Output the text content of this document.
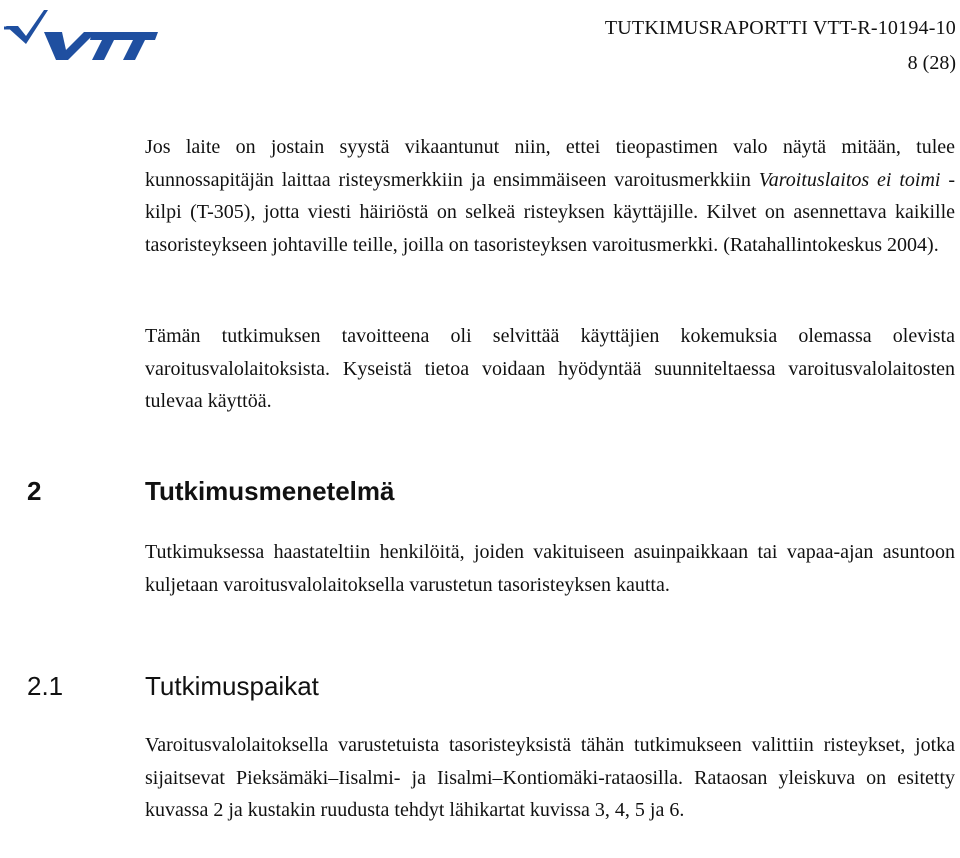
TUTKIMUSRAPORTTI VTT-R-10194-10
8 (28)

Jos laite on jostain syystä vikaantunut niin, ettei tieopastimen valo näytä mitään, tulee kunnossapitäjän laittaa risteysmerkkiin ja ensimmäiseen varoitusmerkkiin Varoituslaitos ei toimi -kilpi (T-305), jotta viesti häiriöstä on selkeä risteyksen käyttäjille. Kilvet on asennettava kaikille tasoristeykseen johtaville teille, joilla on tasoristeyksen varoitusmerkki. (Ratahallintokeskus 2004).

Tämän tutkimuksen tavoitteena oli selvittää käyttäjien kokemuksia olemassa olevista varoitusvalolaitoksista. Kyseistä tietoa voidaan hyödyntää suunniteltaessa varoitusvalolaitosten tulevaa käyttöä.

2	Tutkimusmenetelmä

Tutkimuksessa haastateltiin henkilöitä, joiden vakituiseen asuinpaikkaan tai vapaa-ajan asuntoon kuljetaan varoitusvalolaitoksella varustetun tasoristeyksen kautta.

2.1	Tutkimuspaikat

Varoitusvalolaitoksella varustetuista tasoristeyksistä tähän tutkimukseen valittiin risteykset, jotka sijaitsevat Pieksämäki–Iisalmi- ja Iisalmi–Kontiomäki-rataosilla. Rataosan yleiskuva on esitetty kuvassa 2 ja kustakin ruudusta tehdyt lähikartat kuvissa 3, 4, 5 ja 6.
